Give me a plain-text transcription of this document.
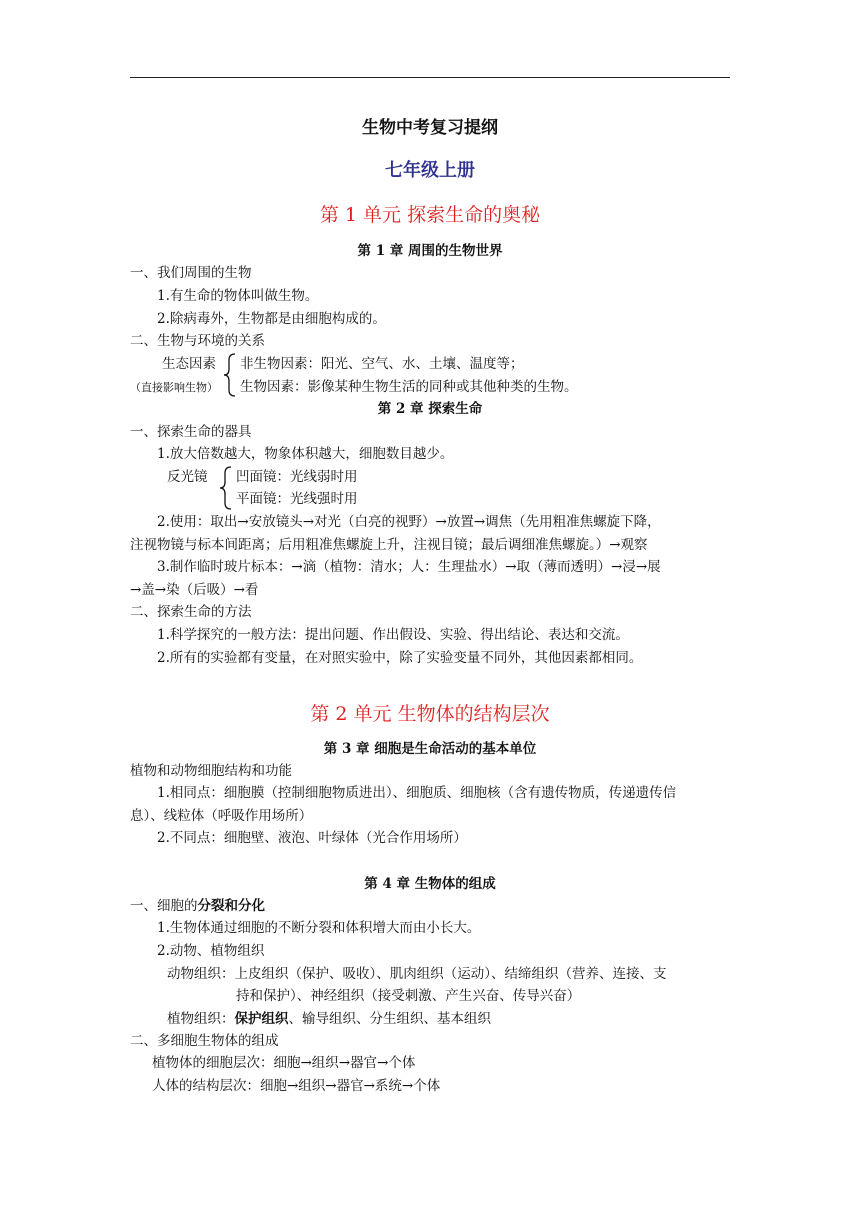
生物中考复习提纲
七年级上册
第 1 单元 探索生命的奥秘
第 1 章 周围的生物世界
一、我们周围的生物
1.有生命的物体叫做生物。
2.除病毒外，生物都是由细胞构成的。
二、生物与环境的关系
生态因素
（直接影响生物）
非生物因素：阳光、空气、水、土壤、温度等；
生物因素：影像某种生物生活的同种或其他种类的生物。
第 2 章 探索生命
一、探索生命的器具
1.放大倍数越大，物象体积越大，细胞数目越少。
反光镜 凹面镜：光线弱时用
平面镜：光线强时用
2.使用：取出→安放镜头→对光（白亮的视野）→放置→调焦（先用粗准焦螺旋下降，
注视物镜与标本间距离；后用粗准焦螺旋上升，注视目镜；最后调细准焦螺旋。）→观察
3.制作临时玻片标本：→滴（植物：清水；人：生理盐水）→取（薄而透明）→浸→展
→盖→染（后吸）→看
二、探索生命的方法
1.科学探究的一般方法：提出问题、作出假设、实验、得出结论、表达和交流。
2.所有的实验都有变量，在对照实验中，除了实验变量不同外，其他因素都相同。
第 2 单元 生物体的结构层次
第 3 章 细胞是生命活动的基本单位
植物和动物细胞结构和功能
1.相同点：细胞膜（控制细胞物质进出）、细胞质、细胞核（含有遗传物质，传递遗传信
息）、线粒体（呼吸作用场所）
2.不同点：细胞壁、液泡、叶绿体（光合作用场所）
第 4 章 生物体的组成
一、细胞的分裂和分化
1.生物体通过细胞的不断分裂和体积增大而由小长大。
2.动物、植物组织
动物组织：上皮组织（保护、吸收）、肌肉组织（运动）、结缔组织（营养、连接、支
持和保护）、神经组织（接受刺激、产生兴奋、传导兴奋）
植物组织：保护组织、输导组织、分生组织、基本组织
二、多细胞生物体的组成
植物体的细胞层次：细胞→组织→器官→个体
人体的结构层次：细胞→组织→器官→系统→个体
